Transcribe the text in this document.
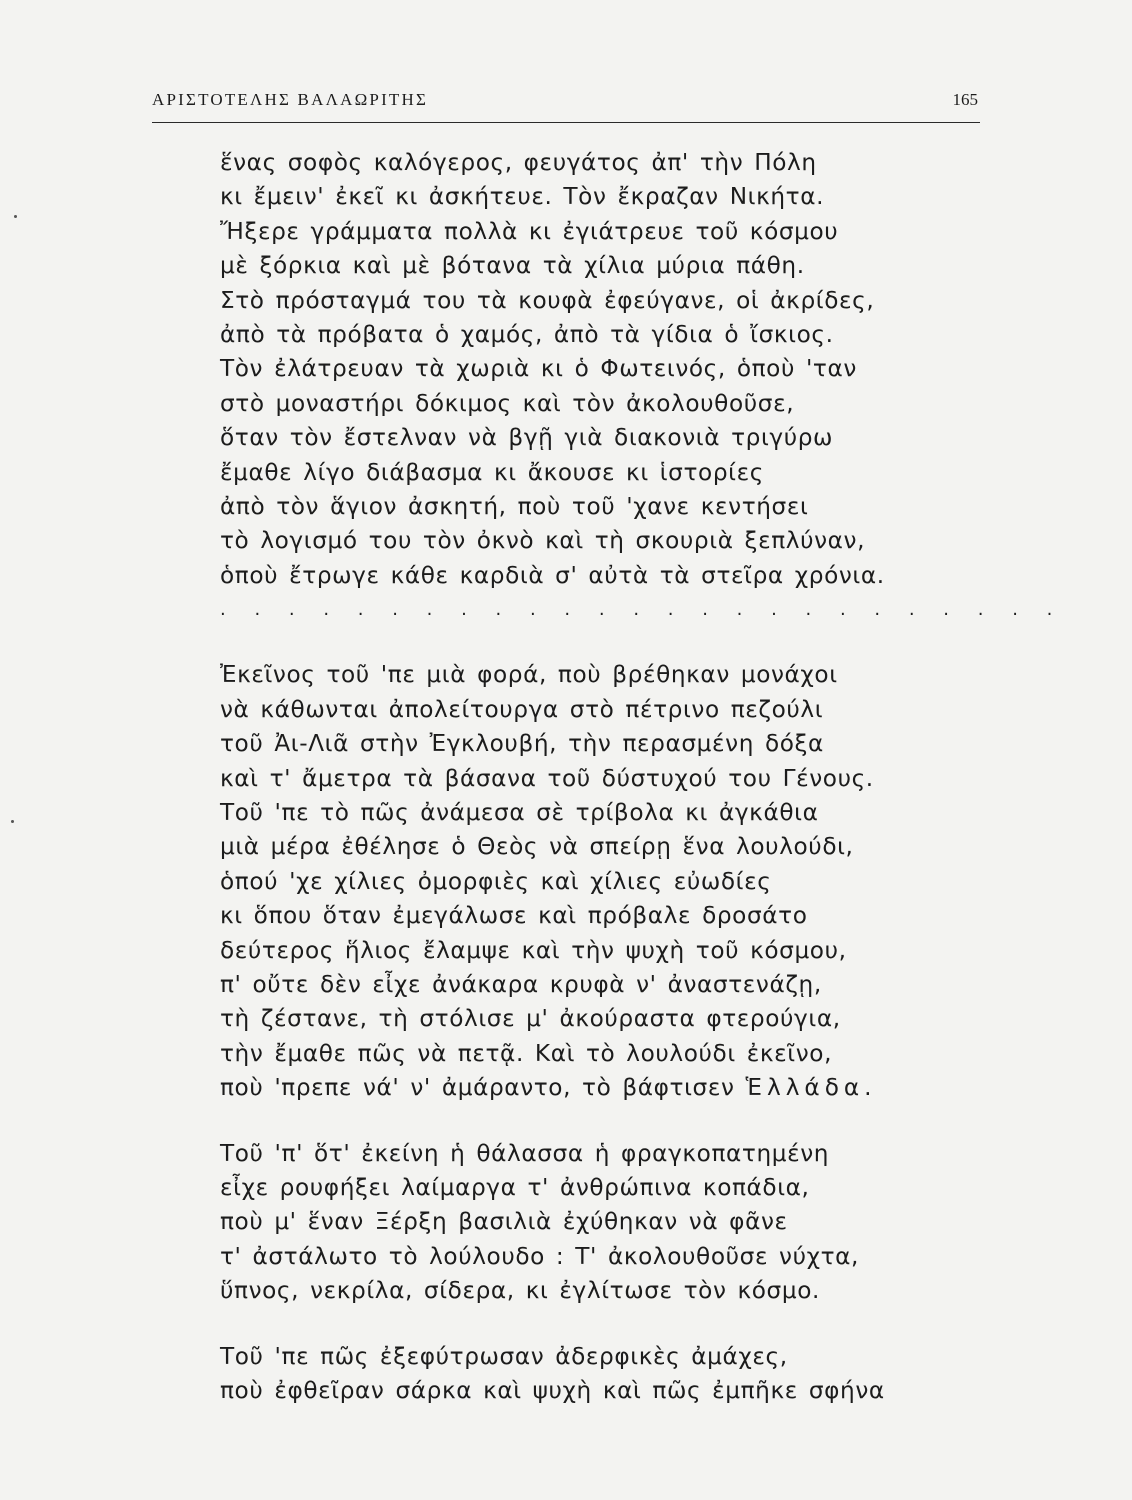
ΑΡΙΣΤΟΤΕΛΗΣ ΒΑΛΑΩΡΙΤΗΣ	165
ἕνας σοφὸς καλόγερος, φευγάτος ἀπ' τὴν Πόλη
κι ἔμειν' ἐκεῖ κι ἀσκήτευε. Τὸν ἔκραζαν Νικήτα.
Ἤξερε γράμματα πολλὰ κι ἐγιάτρευε τοῦ κόσμου
μὲ ξόρκια καὶ μὲ βότανα τὰ χίλια μύρια πάθη.
Στὸ πρόσταγμά του τὰ κουφὰ ἐφεύγανε, οἱ ἀκρίδες,
ἀπὸ τὰ πρόβατα ὁ χαμός, ἀπὸ τὰ γίδια ὁ ἴσκιος.
Τὸν ἐλάτρευαν τὰ χωριὰ κι ὁ Φωτεινός, ὁποὺ 'ταν
στὸ μοναστήρι δόκιμος καὶ τὸν ἀκολουθοῦσε,
ὅταν τὸν ἔστελναν νὰ βγῇ γιὰ διακονιὰ τριγύρω
ἔμαθε λίγο διάβασμα κι ἄκουσε κι ἱστορίες
ἀπὸ τὸν ἅγιον ἀσκητή, ποὺ τοῦ 'χανε κεντήσει
τὸ λογισμό του τὸν ὀκνὸ καὶ τὴ σκουριὰ ξεπλύναν,
ὁποὺ ἔτρωγε κάθε καρδιὰ σ' αὐτὰ τὰ στεῖρα χρόνια.
. . . . . . . . . . . . . . . . . . . . . . . . .
Ἐκεῖνος τοῦ 'πε μιὰ φορά, ποὺ βρέθηκαν μονάχοι
νὰ κάθωνται ἀπολείτουργα στὸ πέτρινο πεζούλι
τοῦ Ἀι-Λιᾶ στὴν Ἐγκλουβή, τὴν περασμένη δόξα
καὶ τ' ἄμετρα τὰ βάσανα τοῦ δύστυχού του Γένους.
Τοῦ 'πε τὸ πῶς ἀνάμεσα σὲ τρίβολα κι ἀγκάθια
μιὰ μέρα ἐθέλησε ὁ Θεὸς νὰ σπείρῃ ἕνα λουλούδι,
ὁπού 'χε χίλιες ὀμορφιὲς καὶ χίλιες εὐωδίες
κι ὅπου ὅταν ἐμεγάλωσε καὶ πρόβαλε δροσάτο
δεύτερος ἥλιος ἔλαμψε καὶ τὴν ψυχὴ τοῦ κόσμου,
π' οὔτε δὲν εἶχε ἀνάκαρα κρυφὰ ν' ἀναστενάζῃ,
τὴ ζέστανε, τὴ στόλισε μ' ἀκούραστα φτερούγια,
τὴν ἔμαθε πῶς νὰ πετᾷ. Καὶ τὸ λουλούδι ἐκεῖνο,
ποὺ 'πρεπε νά' ν' ἀμάραντο, τὸ βάφτισεν Ἑλλάδα.
Τοῦ 'π' ὅτ' ἐκείνη ἡ θάλασσα ἡ φραγκοπατημένη
εἶχε ρουφήξει λαίμαργα τ' ἀνθρώπινα κοπάδια,
ποὺ μ' ἕναν Ξέρξη βασιλιὰ ἐχύθηκαν νὰ φᾶνε
τ' ἀστάλωτο τὸ λούλουδο : Τ' ἀκολουθοῦσε νύχτα,
ὕπνος, νεκρίλα, σίδερα, κι ἐγλίτωσε τὸν κόσμο.
Τοῦ 'πε πῶς ἐξεφύτρωσαν ἀδερφικὲς ἀμάχες,
ποὺ ἐφθεῖραν σάρκα καὶ ψυχὴ καὶ πῶς ἐμπῆκε σφήνα
